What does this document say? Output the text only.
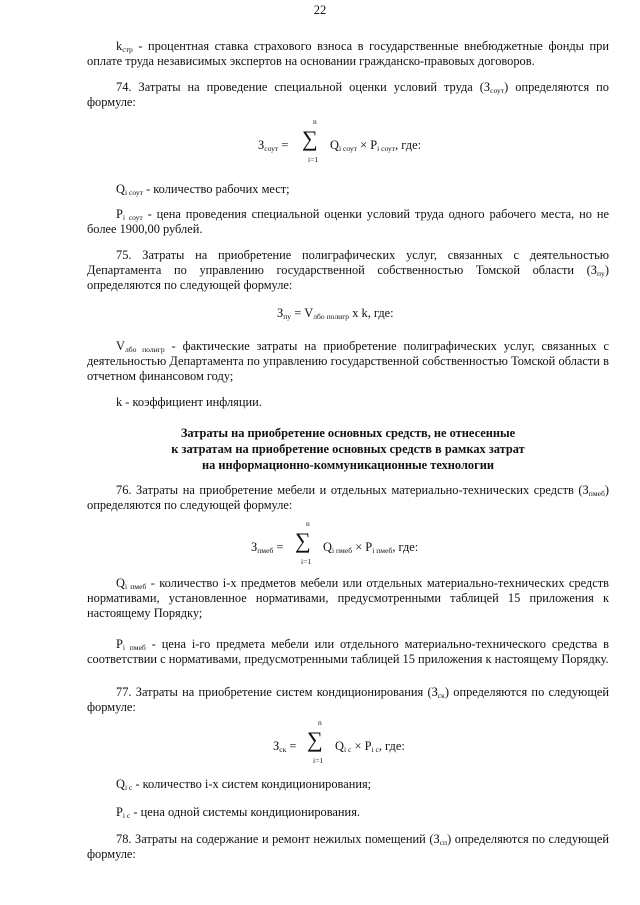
22

$k_{стр}$ - процентная ставка страхового взноса в государственные внебюджетные фонды при оплате труда независимых экспертов на основании гражданско-правовых договоров.

74. Затраты на проведение специальной оценки условий труда $(З_{соут})$ определяются по формуле:

$З_{соут}$ =
n
∑
i=1
$Q_{i соут} \times P_{i соут}$, где:

$Q_{i соут}$ - количество рабочих мест;

$P_{i соут}$ - цена проведения специальной оценки условий труда одного рабочего места, но не более 1900,00 рублей.

75. Затраты на приобретение полиграфических услуг, связанных с деятельностью Департамента по управлению государственной собственностью Томской области $(З_{пу})$ определяются по следующей формуле:

$З_{пу} = V_{лбо полигр}$ x k, где:

$V_{лбо полигр}$ - фактические затраты на приобретение полиграфических услуг, связанных с деятельностью Департамента по управлению государственной собственностью Томской области в отчетном финансовом году;

k - коэффициент инфляции.

Затраты на приобретение основных средств, не отнесенные
к затратам на приобретение основных средств в рамках затрат
на информационно-коммуникационные технологии

76. Затраты на приобретение мебели и отдельных материально-технических средств $(З_{пмеб})$ определяются по следующей формуле:

$З_{пмеб}$ =
n
∑
i=1
$Q_{i пмеб} \times P_{i пмеб}$, где:

$Q_{i пмеб}$ - количество i-х предметов мебели или отдельных материально-технических средств нормативами, установленное нормативами, предусмотренными таблицей 15 приложения к настоящему Порядку;

$P_{i пмеб}$ - цена i-го предмета мебели или отдельного материально-технического средства в соответствии с нормативами, предусмотренными таблицей 15 приложения к настоящему Порядку.

77. Затраты на приобретение систем кондиционирования $(З_{ск})$ определяются по следующей формуле:

$З_{ск}$ =
n
∑
i=1
$Q_{i c} \times P_{i c}$, где:

$Q_{i c}$ - количество i-х систем кондиционирования;

$P_{i c}$ - цена одной системы кондиционирования.

78. Затраты на содержание и ремонт нежилых помещений $(З_{сп})$ определяются по следующей формуле:
